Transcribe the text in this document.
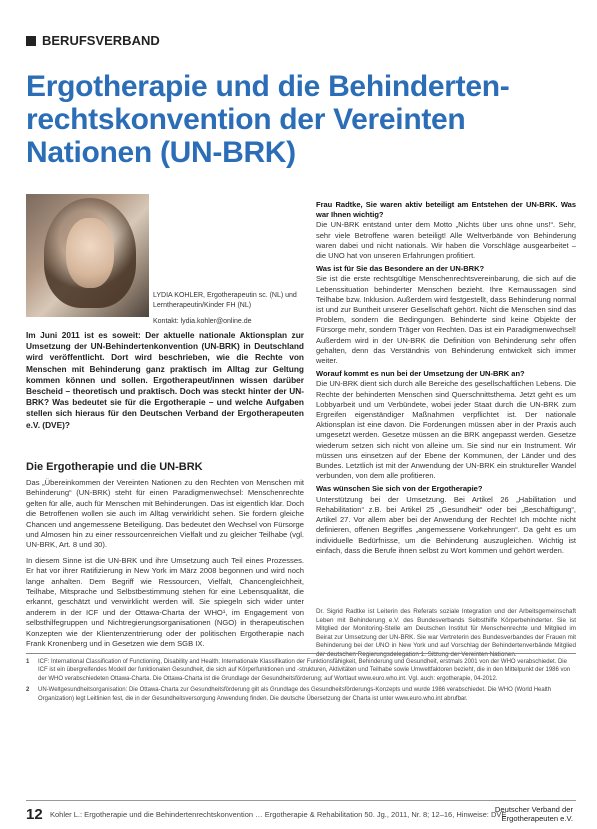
BERUFSVERBAND
Ergotherapie und die Behinderten-rechtskonvention der Vereinten Nationen (UN-BRK)
LYDIA KOHLER, Ergotherapeutin sc. (NL) und Lerntherapeutin/Kinder FH (NL)
Kontakt: lydia.kohler@online.de
Im Juni 2011 ist es soweit: Der aktuelle nationale Aktionsplan zur Umsetzung der UN-Behindertenkonvention (UN-BRK) in Deutschland wird veröffentlicht. Dort wird beschrieben, wie die Rechte von Menschen mit Behinderung ganz praktisch im Alltag zur Geltung kommen können und sollen. Ergotherapeut/innen wissen darüber Bescheid – theoretisch und praktisch. Doch was steckt hinter der UN-BRK? Was bedeutet sie für die Ergotherapie – und welche Aufgaben stellen sich hieraus für den Deutschen Verband der Ergotherapeuten e.V. (DVE)?
Die Ergotherapie und die UN-BRK

Das „Übereinkommen der Vereinten Nationen zu den Rechten von Menschen mit Behinderung“ (UN-BRK) steht für einen Paradigmenwechsel: Menschenrechte gelten für alle, auch für Menschen mit Behinderungen. Das ist eigentlich klar. Doch die Betroffenen wollen sie auch im Alltag verwirklicht sehen. Sie fordern gleiche Chancen und angemessene Beteiligung. Das bedeutet den Wechsel von Fürsorge und Almosen hin zu einer ressourcenreichen Vielfalt und zu gleicher Teilhabe (vgl. UN-BRK, Art. 8 und 30).

In diesem Sinne ist die UN-BRK und ihre Umsetzung auch Teil eines Prozesses. Er hat vor ihrer Ratifizierung in New York im März 2008 begonnen und wird noch lange anhalten. Dem Begriff wie Ressourcen, Vielfalt, Chancengleichheit, Teilhabe, Mitsprache und Selbstbestimmung stehen für eine Lebensqualität, die erkannt, geschätzt und verwirklicht werden will. Sie spiegeln sich wider unter anderem in der ICF und der Ottawa-Charta der WHO¹, im Engagement von selbsthilfegruppen und Nichtregierungsorganisationen (NGO) in therapeutischen Konzepten wie der Klientenzentrierung oder der politischen Ergotherapie nach Frank Kronenberg und in Gesetzen wie dem SGB IX.

Frau Radtke, Sie waren aktiv beteiligt am Entstehen der UN-BRK. Was war Ihnen wichtig?

Die UN-BRK entstand unter dem Motto „Nichts über uns ohne uns!“. Sehr, sehr viele Betroffene waren beteiligt! Alle Weltverbände von Behinderung waren dabei und nicht nationals. Wir haben die Vorschläge ausgearbeitet – die UNO hat von unseren Erfahrungen profitiert.

Was ist für Sie das Besondere an der UN-BRK?

Sie ist die erste rechtsgültige Menschenrechtsvereinbarung, die sich auf die Lebenssituation behinderter Menschen bezieht. Ihre Kernaussagen sind Teilhabe bzw. Inklusion. Außerdem wird festgestellt, dass Behinderung normal ist und zur Buntheit unserer Gesellschaft gehört. Nicht die Menschen sind das Problem, sondern die Bedingungen. Behinderte sind keine Objekte der Fürsorge mehr, sondern Träger von Rechten. Das ist ein Paradigmenwechsel! Außerdem wird in der UN-BRK die Definition von Behinderung sehr offen gehalten, denn das Verständnis von Behinderung entwickelt sich immer weiter.

Worauf kommt es nun bei der Umsetzung der UN-BRK an?

Die UN-BRK dient sich durch alle Bereiche des gesellschaftlichen Lebens. Die Rechte der behinderten Menschen sind Querschnittsthema. Jetzt geht es um Lobbyarbeit und um Verbündete, wobei jeder Staat durch die UN-BRK zum Ergreifen eigenständiger Maßnahmen verpflichtet ist. Der nationale Aktionsplan ist eine davon. Die Forderungen müssen aber in der Praxis auch umgesetzt werden. Gesetze müssen an die BRK angepasst werden. Gesetze wiederum setzen sich nicht von alleine um. Sie sind nur ein Instrument. Wir müssen uns einsetzen auf der Ebene der Kommunen, der Länder und des Bundes. Letztlich ist mit der Anwendung der UN-BRK ein struktureller Wandel verbunden, von dem alle profitieren.

Was wünschen Sie sich von der Ergotherapie?

Unterstützung bei der Umsetzung. Bei Artikel 26 „Habilitation und Rehabilitation“ z.B. bei Artikel 25 „Gesundheit“ oder bei „Beschäftigung“, Artikel 27. Vor allem aber bei der Anwendung der Rechte! Ich möchte nicht definieren, offenen Begriffes „angemessene Vorkehrungen“. Da geht es um individuelle Bedürfnisse, um die Behinderung auszugleichen. Wichtig ist einfach, dass die Berufe ihnen selbst zu Wort kommen und gehört werden.

Dr. Sigrid Radtke ist Leiterin des Referats soziale Integration und der Arbeitsgemeinschaft Leben mit Behinderung e.V. des Bundesverbands Selbsthilfe Körperbehinderter. Sie ist Mitglied der Monitoring-Stelle am Deutschen Institut für Menschenrechte und Mitglied im Beirat zur Umsetzung der UN-BRK. Sie war Vertreterin des Bundesverbandes der Frauen mit Behinderung bei der UNO in New York und auf Vorschlag der Behindertenverbände Mitglied der deutschen Regierungsdelegation 1. Sitzung der Vereinten Nationen.

1	ICF: International Classification of Functioning, Disability and Health. Internationale Klassifikation der Funktionsfähigkeit, Behinderung und Gesundheit, erstmals 2001 von der WHO verabschiedet. Die ICF ist ein übergreifendes Modell der funktionalen Gesundheit, die sich auf Körperfunktionen und -strukturen, Aktivitäten und Teilhabe sowie Umweltfaktoren bezieht, die in den Mittelpunkt der 1986 von der WHO verabschiedeten Ottawa-Charta. Die Ottawa-Charta ist die Grundlage der Gesundheitsförderung; auf Wortlaut www.euro.who.int. Vgl. auch: ergotherapie, 04-2012.

2	UN-Weltgesundheitsorganisation: Die Ottawa-Charta zur Gesundheitsförderung gilt als Grundlage des Gesundheitsförderungs-Konzepts und wurde 1986 verabschiedet. Die WHO (World Health Organization) legt Leitlinien fest, die in der Gesundheitsversorgung Anwendung finden. Die deutsche Übersetzung der Charta ist unter www.euro.who.int abrufbar.

12 Kohler L.: Ergotherapie und die Behindertenrechtskonvention … Ergotherapie & Rehabilitation 50. Jg., 2011, Nr. 8; 12–16, Hinweise: DVE
Deutscher Verband der
Ergotherapeuten e.V.
